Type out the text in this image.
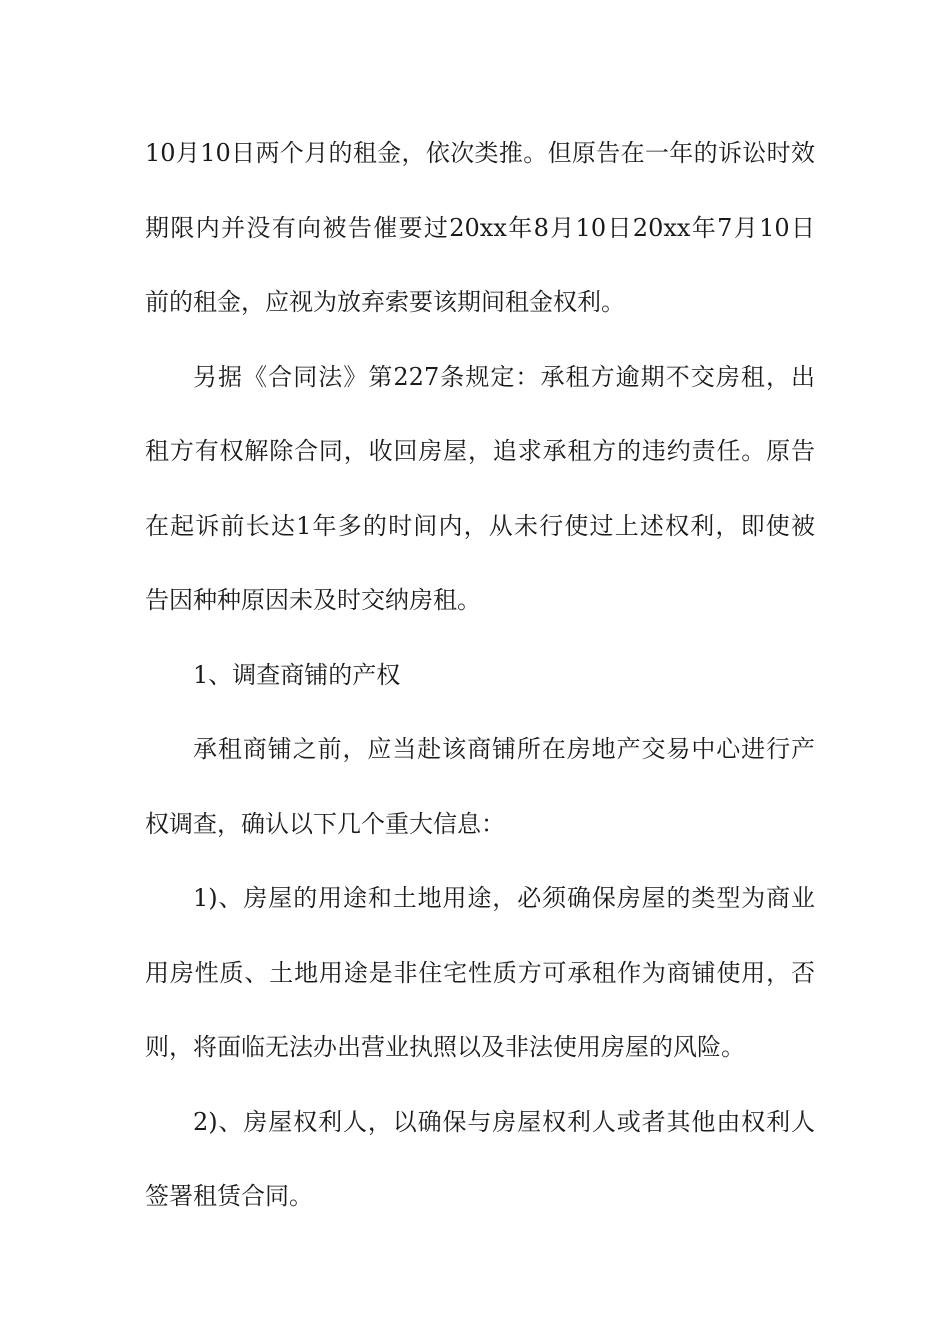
10月10日两个月的租金，依次类推。但原告在一年的诉讼时效
期限内并没有向被告催要过20xx年8月10日20xx年7月10日
前的租金，应视为放弃索要该期间租金权利。
另据《合同法》第227条规定：承租方逾期不交房租，出
租方有权解除合同，收回房屋，追求承租方的违约责任。原告
在起诉前长达1年多的时间内，从未行使过上述权利，即使被
告因种种原因未及时交纳房租。
1、调查商铺的产权
承租商铺之前，应当赴该商铺所在房地产交易中心进行产
权调查，确认以下几个重大信息：
1)、房屋的用途和土地用途，必须确保房屋的类型为商业
用房性质、土地用途是非住宅性质方可承租作为商铺使用，否
则，将面临无法办出营业执照以及非法使用房屋的风险。
2)、房屋权利人，以确保与房屋权利人或者其他由权利人
签署租赁合同。
